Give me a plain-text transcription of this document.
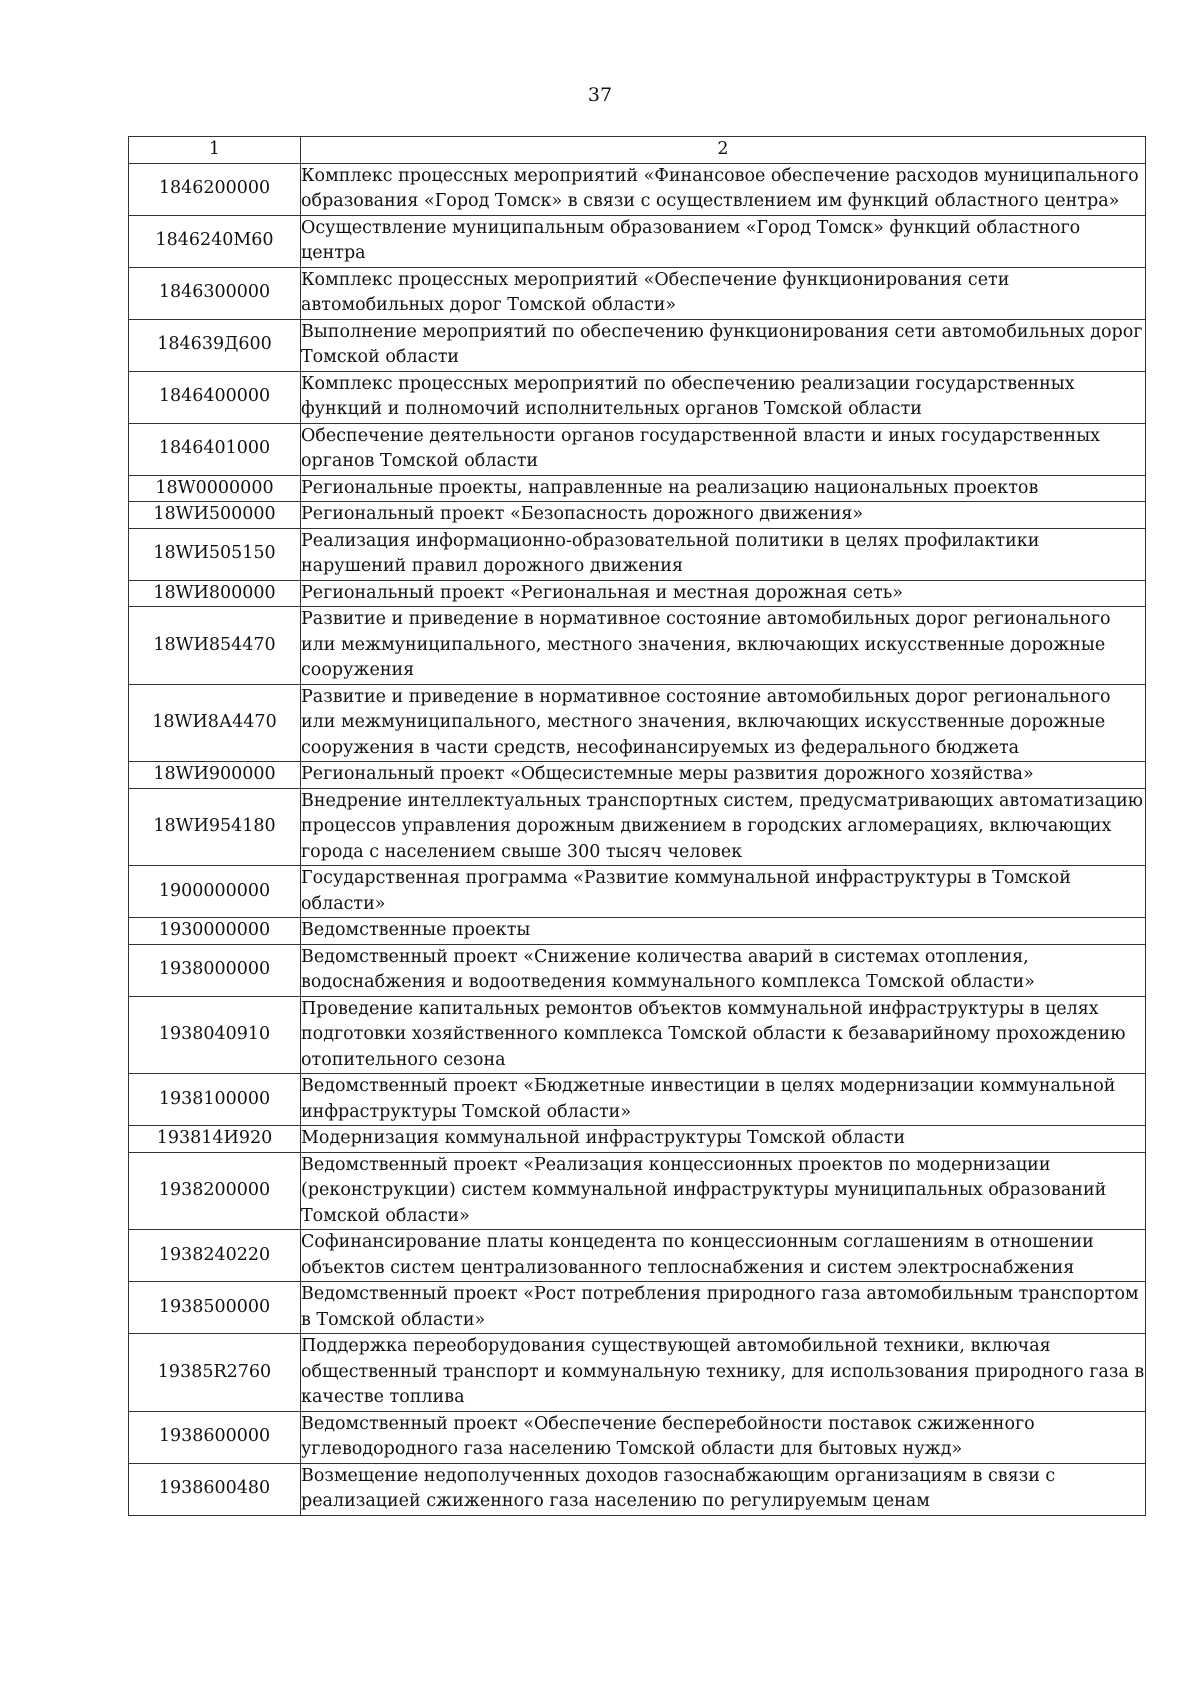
37
1	2
1846200000	Комплекс процессных мероприятий «Финансовое обеспечение расходов муниципального образования «Город Томск» в связи с осуществлением им функций областного центра»
1846240М60	Осуществление муниципальным образованием «Город Томск» функций областного центра
1846300000	Комплекс процессных мероприятий «Обеспечение функционирования сети автомобильных дорог Томской области»
184639Д600	Выполнение мероприятий по обеспечению функционирования сети автомобильных дорог Томской области
1846400000	Комплекс процессных мероприятий по обеспечению реализации государственных функций и полномочий исполнительных органов Томской области
1846401000	Обеспечение деятельности органов государственной власти и иных государственных органов Томской области
18W0000000	Региональные проекты, направленные на реализацию национальных проектов
18WИ500000	Региональный проект «Безопасность дорожного движения»
18WИ505150	Реализация информационно-образовательной политики в целях профилактики нарушений правил дорожного движения
18WИ800000	Региональный проект «Региональная и местная дорожная сеть»
18WИ854470	Развитие и приведение в нормативное состояние автомобильных дорог регионального или межмуниципального, местного значения, включающих искусственные дорожные сооружения
18WИ8А4470	Развитие и приведение в нормативное состояние автомобильных дорог регионального или межмуниципального, местного значения, включающих искусственные дорожные сооружения в части средств, несофинансируемых из федерального бюджета
18WИ900000	Региональный проект «Общесистемные меры развития дорожного хозяйства»
18WИ954180	Внедрение интеллектуальных транспортных систем, предусматривающих автоматизацию процессов управления дорожным движением в городских агломерациях, включающих города с населением свыше 300 тысяч человек
1900000000	Государственная программа «Развитие коммунальной инфраструктуры в Томской области»
1930000000	Ведомственные проекты
1938000000	Ведомственный проект «Снижение количества аварий в системах отопления, водоснабжения и водоотведения коммунального комплекса Томской области»
1938040910	Проведение капитальных ремонтов объектов коммунальной инфраструктуры в целях подготовки хозяйственного комплекса Томской области к безаварийному прохождению отопительного сезона
1938100000	Ведомственный проект «Бюджетные инвестиции в целях модернизации коммунальной инфраструктуры Томской области»
193814И920	Модернизация коммунальной инфраструктуры Томской области
1938200000	Ведомственный проект «Реализация концессионных проектов по модернизации (реконструкции) систем коммунальной инфраструктуры муниципальных образований Томской области»
1938240220	Софинансирование платы концедента по концессионным соглашениям в отношении объектов систем централизованного теплоснабжения и систем электроснабжения
1938500000	Ведомственный проект «Рост потребления природного газа автомобильным транспортом в Томской области»
19385R2760	Поддержка переоборудования существующей автомобильной техники, включая общественный транспорт и коммунальную технику, для использования природного газа в качестве топлива
1938600000	Ведомственный проект «Обеспечение бесперебойности поставок сжиженного углеводородного газа населению Томской области для бытовых нужд»
1938600480	Возмещение недополученных доходов газоснабжающим организациям в связи с реализацией сжиженного газа населению по регулируемым ценам
